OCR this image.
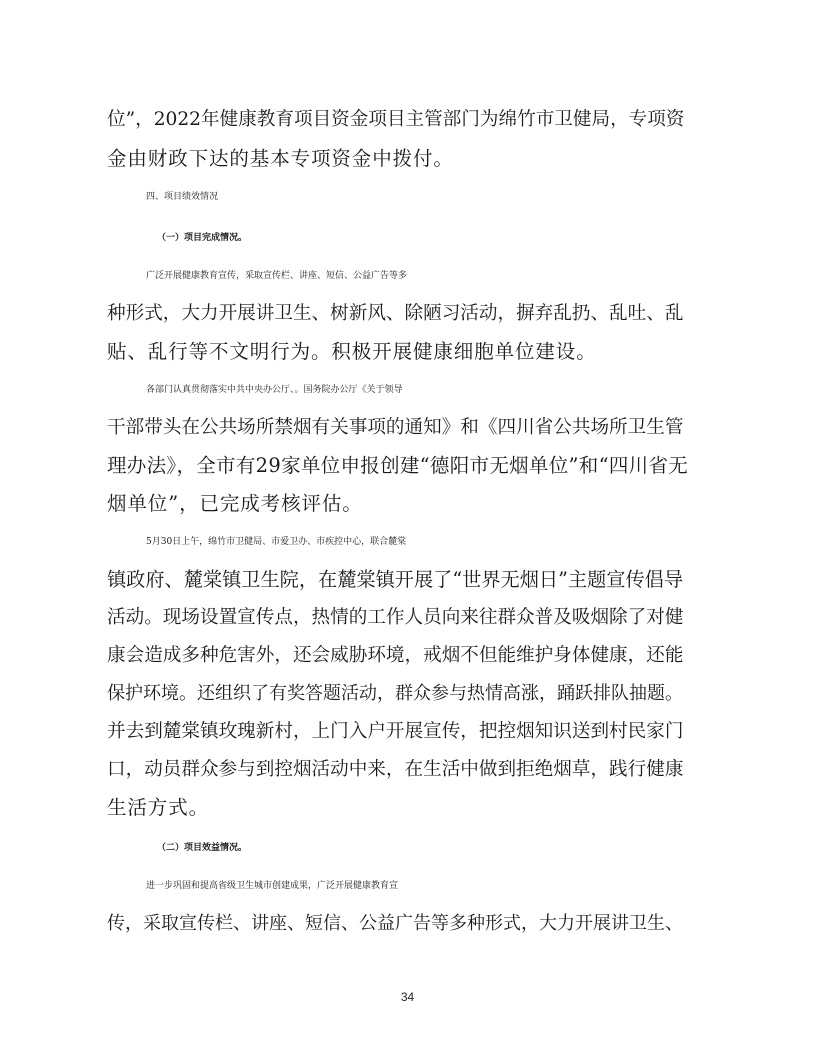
位”，2022年健康教育项目资金项目主管部门为绵竹市卫健局，专项资
金由财政下达的基本专项资金中拨付。
四、项目绩效情况
（一）项目完成情况。
广泛开展健康教育宣传，采取宣传栏、讲座、短信、公益广告等多
种形式，大力开展讲卫生、树新风、除陋习活动，摒弃乱扔、乱吐、乱
贴、乱行等不文明行为。积极开展健康细胞单位建设。
各部门认真贯彻落实中共中央办公厅、。国务院办公厅《关于领导
干部带头在公共场所禁烟有关事项的通知》和《四川省公共场所卫生管
理办法》，全市有29家单位申报创建“德阳市无烟单位”和“四川省无
烟单位”，已完成考核评估。
5月30日上午，绵竹市卫健局、市爱卫办、市疾控中心，联合麓棠
镇政府、麓棠镇卫生院，在麓棠镇开展了“世界无烟日”主题宣传倡导
活动。现场设置宣传点，热情的工作人员向来往群众普及吸烟除了对健
康会造成多种危害外，还会威胁环境，戒烟不但能维护身体健康，还能
保护环境。还组织了有奖答题活动，群众参与热情高涨，踊跃排队抽题。
并去到麓棠镇玫瑰新村，上门入户开展宣传，把控烟知识送到村民家门
口，动员群众参与到控烟活动中来，在生活中做到拒绝烟草，践行健康
生活方式。
（二）项目效益情况。
进一步巩固和提高省级卫生城市创建成果，广泛开展健康教育宣
传，采取宣传栏、讲座、短信、公益广告等多种形式，大力开展讲卫生、
34
